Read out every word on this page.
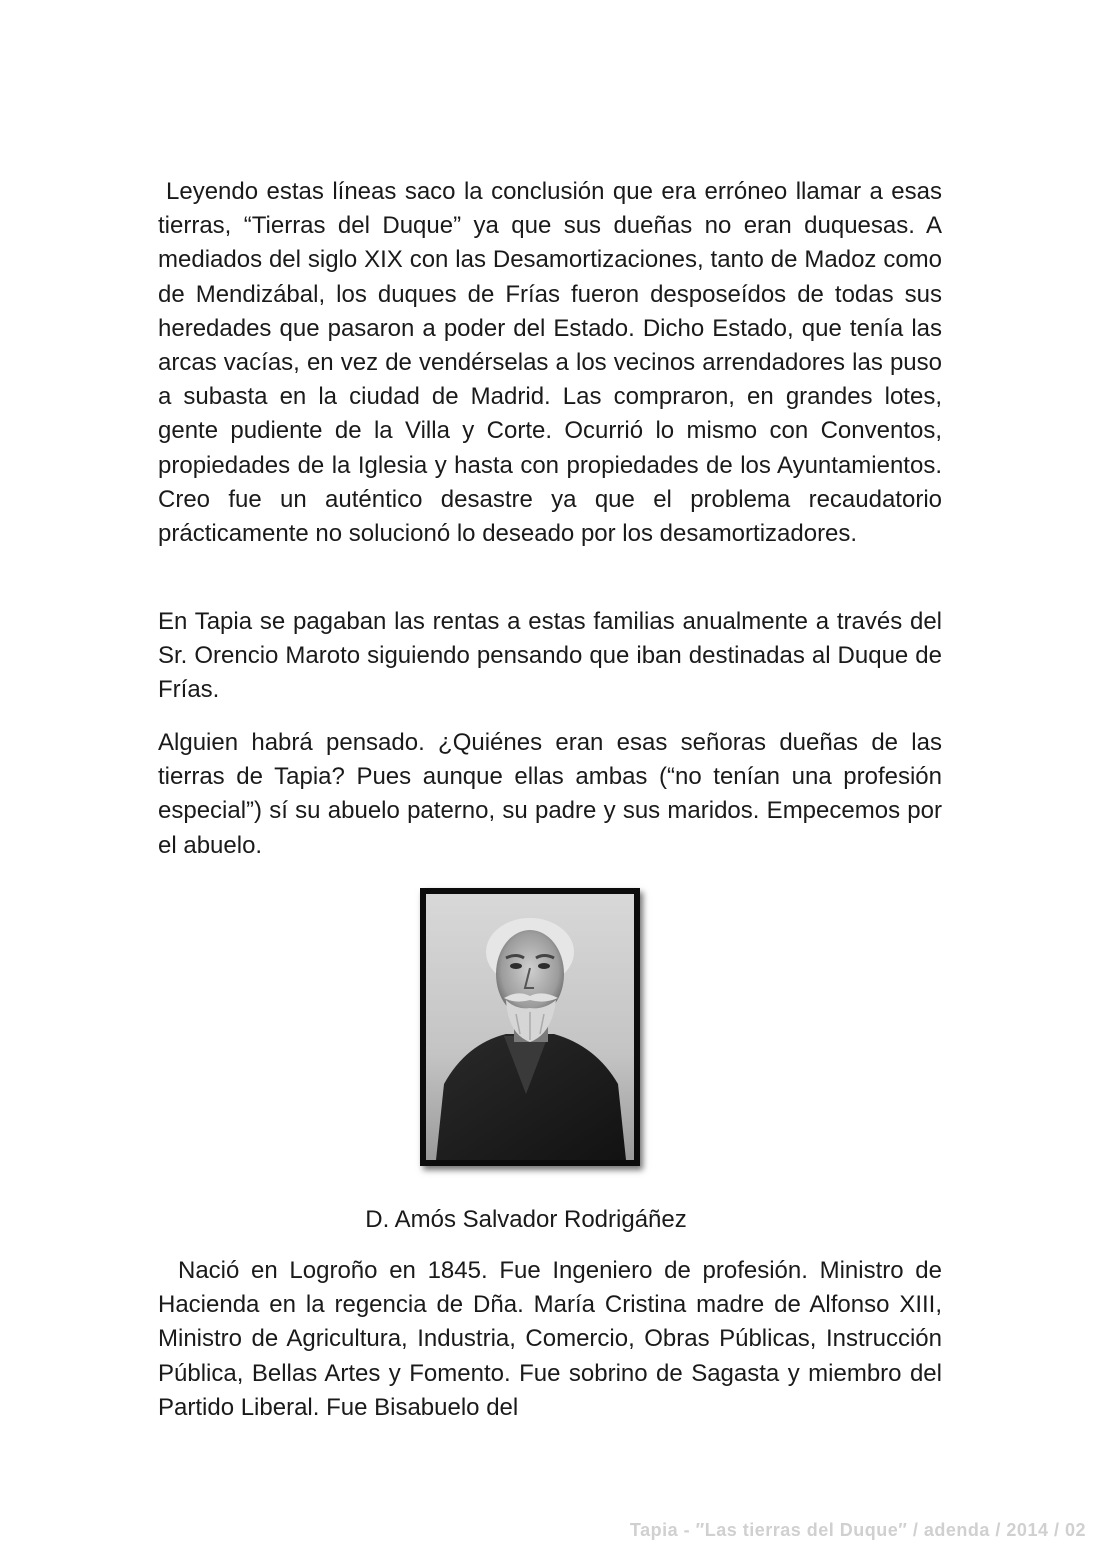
Leyendo estas líneas saco la conclusión que era erróneo llamar a esas tierras, “Tierras del Duque” ya que sus dueñas no eran duquesas. A mediados del siglo XIX con las Desamortizaciones, tanto de Madoz como de Mendizábal, los duques de Frías fueron desposeídos de todas sus heredades que pasaron a poder del Estado. Dicho Estado, que tenía las arcas vacías, en vez de vendérselas a los vecinos arrendadores las puso a subasta en la ciudad de Madrid. Las compraron, en grandes lotes, gente pudiente de la Villa y Corte. Ocurrió lo mismo con Conventos, propiedades de la Iglesia y hasta con propiedades de los Ayuntamientos. Creo fue un auténtico desastre ya que el problema recaudatorio prácticamente no solucionó lo deseado por los desamortizadores.

En Tapia se pagaban las rentas a estas familias anualmente a través del Sr. Orencio Maroto siguiendo pensando que iban destinadas al Duque de Frías.

Alguien habrá pensado. ¿Quiénes eran esas señoras dueñas de las tierras de Tapia? Pues aunque ellas ambas (“no tenían una profesión especial”) sí su abuelo paterno, su padre y sus maridos. Empecemos por el abuelo.

D. Amós Salvador Rodrigáñez

Nació en Logroño en 1845. Fue Ingeniero de profesión. Ministro de Hacienda en la regencia de Dña. María Cristina madre de Alfonso XIII, Ministro de Agricultura, Industria, Comercio, Obras Públicas, Instrucción Pública, Bellas Artes y Fomento. Fue sobrino de Sagasta y miembro del Partido Liberal. Fue Bisabuelo del

Tapia - ″Las tierras del Duque″ / adenda / 2014 / 02
